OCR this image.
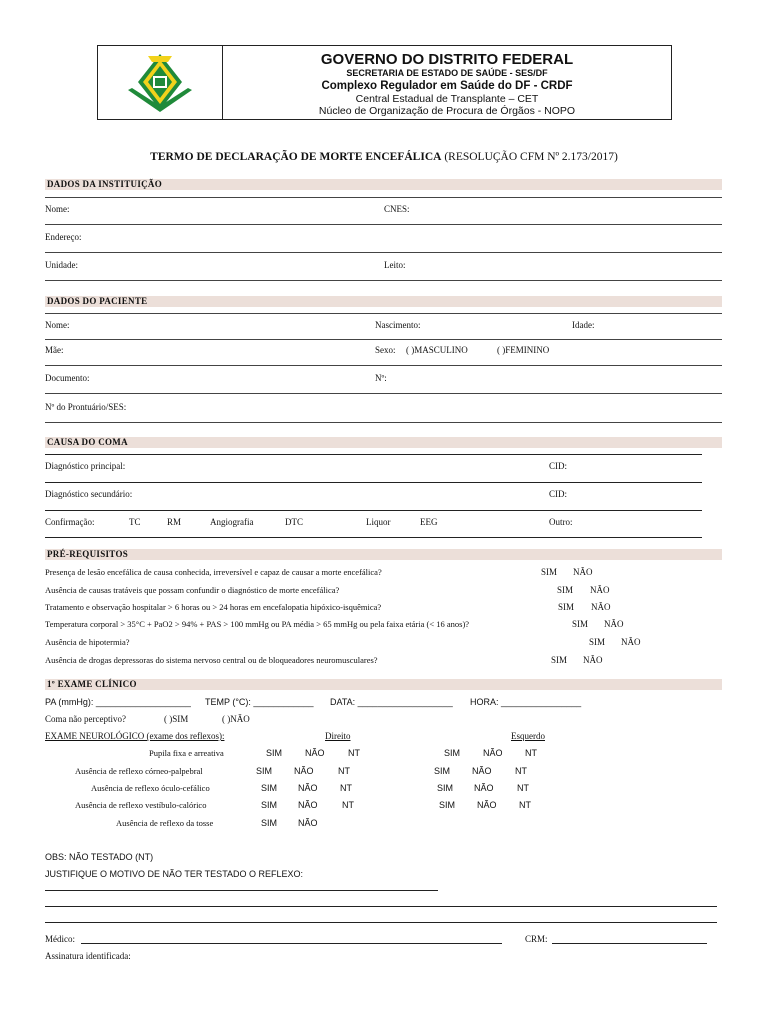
GOVERNO DO DISTRITO FEDERAL
SECRETARIA DE ESTADO DE SAÚDE - SES/DF
Complexo Regulador em Saúde do DF - CRDF
Central Estadual de Transplante – CET
Núcleo de Organização de Procura de Órgãos - NOPO
TERMO DE DECLARAÇÃO DE MORTE ENCEFÁLICA (RESOLUÇÃO CFM Nº 2.173/2017)
DADOS DA INSTITUIÇÃO
Nome:	CNES:
Endereço:
Unidade:	Leito:
DADOS DO PACIENTE
Nome:	Nascimento:	Idade:
Mãe:	Sexo: ( )MASCULINO	( )FEMININO
Documento:	Nº:
Nº do Prontuário/SES:
CAUSA DO COMA
Diagnóstico principal:	CID:
Diagnóstico secundário:	CID:
Confirmação:	TC	RM	Angiografia	DTC	Liquor	EEG	Outro:
PRÉ-REQUISITOS
Presença de lesão encefálica de causa conhecida, irreversível e capaz de causar a morte encefálica?	SIM NÃO
Ausência de causas tratáveis que possam confundir o diagnóstico de morte encefálica?	SIM NÃO
Tratamento e observação hospitalar > 6 horas ou > 24 horas em encefalopatia hipóxico-isquêmica?	SIM NÃO
Temperatura corporal > 35°C + PaO2 > 94% + PAS > 100 mmHg ou PA média > 65 mmHg ou pela faixa etária (< 16 anos)?	SIM NÃO
Ausência de hipotermia?	SIM NÃO
Ausência de drogas depressoras do sistema nervoso central ou de bloqueadores neuromusculares?	SIM NÃO
1º EXAME CLÍNICO
PA (mmHg): ___________________ TEMP (°C): ____________ DATA: ___________________ HORA: ________________
Coma não perceptivo?	( )SIM	( )NÃO
EXAME NEUROLÓGICO (exame dos reflexos):	Direito	Esquerdo
Pupila fixa e arreativa	SIM	NÃO	NT	SIM	NÃO NT
Ausência de reflexo córneo-palpebral	SIM NÃO	NT	SIM NÃO	NT
Ausência de reflexo óculo-cefálico	SIM NÃO NT	SIM NÃO	NT
Ausência de reflexo vestíbulo-calórico	SIM NÃO	NT	SIM NÃO NT
Ausência de reflexo da tosse	SIM NÃO
OBS: NÃO TESTADO (NT)
JUSTIFIQUE O MOTIVO DE NÃO TER TESTADO O REFLEXO:
Médico:	CRM:
Assinatura identificada:
